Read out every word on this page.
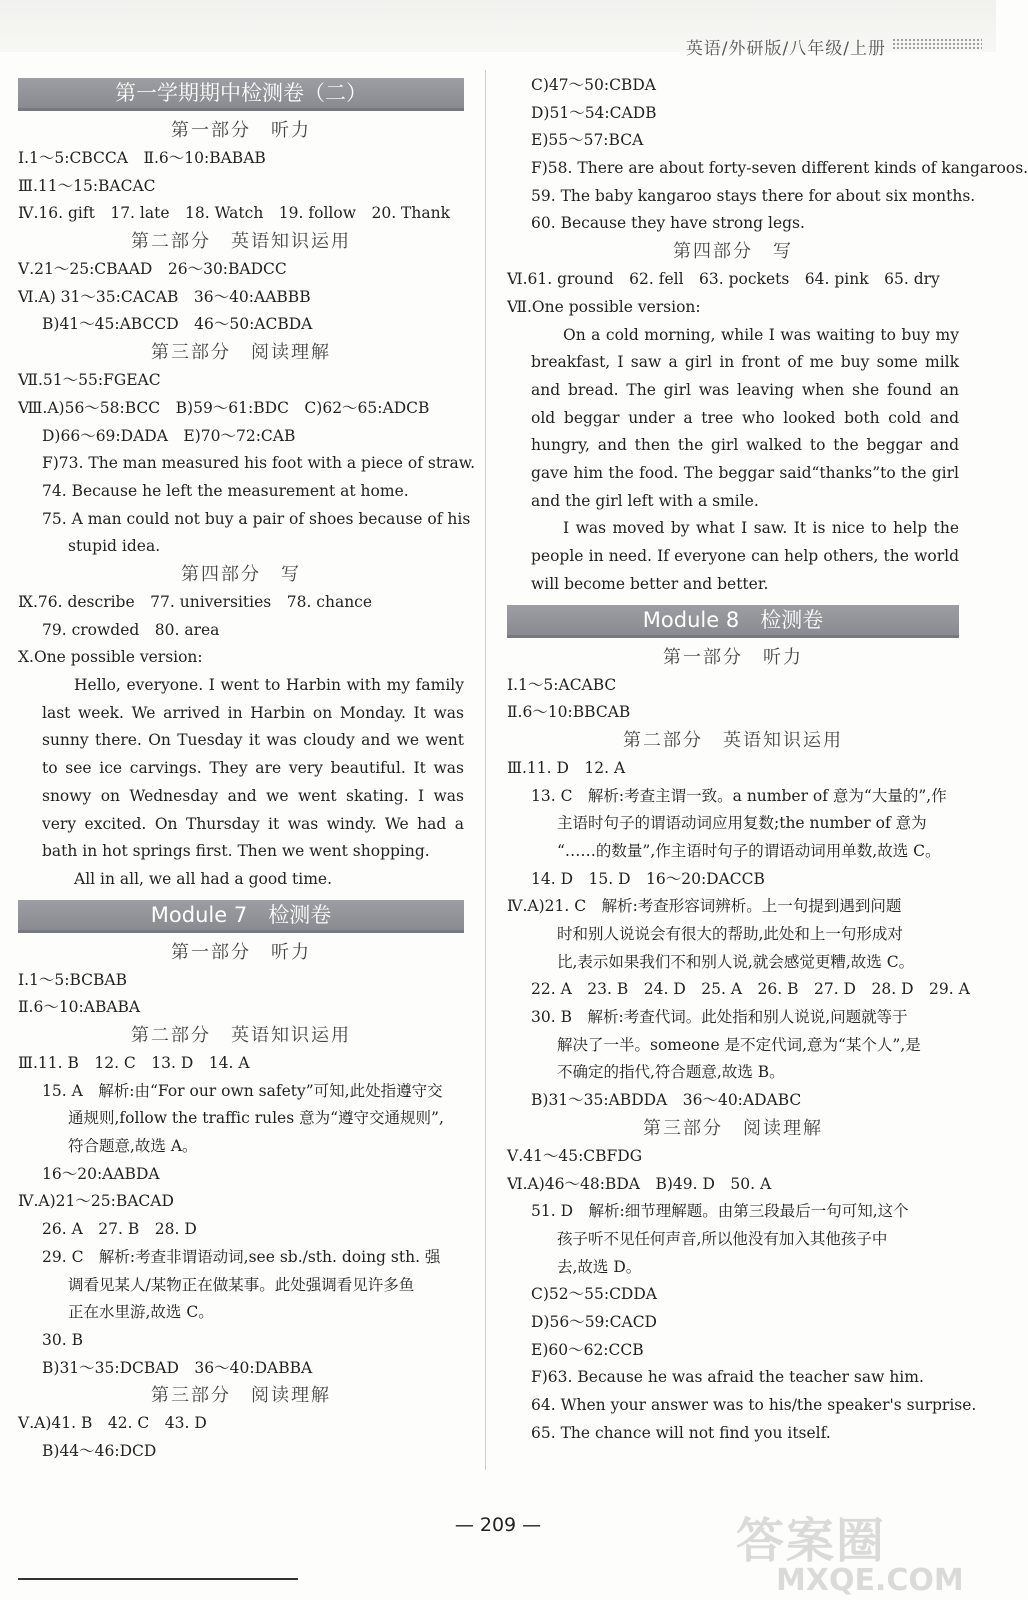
英语/外研版/八年级/上册
第一学期期中检测卷（二）
第一部分　听力
Ⅰ.1～5:CBCCA　Ⅱ.6～10:BABAB
Ⅲ.11～15:BACAC
Ⅳ.16. gift　17. late　18. Watch　19. follow　20. Thank
第二部分　英语知识运用
Ⅴ.21～25:CBAAD　26～30:BADCC
Ⅵ.A) 31～35:CACAB　36～40:AABBB
B)41～45:ABCCD　46～50:ACBDA
第三部分　阅读理解
Ⅶ.51～55:FGEAC
Ⅷ.A)56～58:BCC　B)59～61:BDC　C)62～65:ADCB
D)66～69:DADA　E)70～72:CAB
F)73. The man measured his foot with a piece of straw.
74. Because he left the measurement at home.
75. A man could not buy a pair of shoes because of his
stupid idea.
第四部分　写
Ⅸ.76. describe　77. universities　78. chance
79. crowded　80. area
Ⅹ.One possible version:
Hello, everyone. I went to Harbin with my family last week. We arrived in Harbin on Monday. It was sunny there. On Tuesday it was cloudy and we went to see ice carvings. They are very beautiful. It was snowy on Wednesday and we went skating. I was very excited. On Thursday it was windy. We had a bath in hot springs first. Then we went shopping.
All in all, we all had a good time.
Module 7　检测卷
第一部分　听力
Ⅰ.1～5:BCBAB
Ⅱ.6～10:ABABA
第二部分　英语知识运用
Ⅲ.11. B　12. C　13. D　14. A
15. A　解析:由“For our own safety”可知,此处指遵守交
通规则,follow the traffic rules 意为“遵守交通规则”,
符合题意,故选 A。
16～20:AABDA
Ⅳ.A)21～25:BACAD
26. A　27. B　28. D
29. C　解析:考查非谓语动词,see sb./sth. doing sth. 强
调看见某人/某物正在做某事。此处强调看见许多鱼
正在水里游,故选 C。
30. B
B)31～35:DCBAD　36～40:DABBA
第三部分　阅读理解
Ⅴ.A)41. B　42. C　43. D
B)44～46:DCD
C)47～50:CBDA
D)51～54:CADB
E)55～57:BCA
F)58. There are about forty-seven different kinds of kangaroos.
59. The baby kangaroo stays there for about six months.
60. Because they have strong legs.
第四部分　写
Ⅵ.61. ground　62. fell　63. pockets　64. pink　65. dry
Ⅶ.One possible version:
On a cold morning, while I was waiting to buy my breakfast, I saw a girl in front of me buy some milk and bread. The girl was leaving when she found an old beggar under a tree who looked both cold and hungry, and then the girl walked to the beggar and gave him the food. The beggar said“thanks”to the girl and the girl left with a smile.
I was moved by what I saw. It is nice to help the people in need. If everyone can help others, the world will become better and better.
Module 8　检测卷
第一部分　听力
Ⅰ.1～5:ACABC
Ⅱ.6～10:BBCAB
第二部分　英语知识运用
Ⅲ.11. D　12. A
13. C　解析:考查主谓一致。a number of 意为“大量的”,作
主语时句子的谓语动词应用复数;the number of 意为
“……的数量”,作主语时句子的谓语动词用单数,故选 C。
14. D　15. D　16～20:DACCB
Ⅳ.A)21. C　解析:考查形容词辨析。上一句提到遇到问题
时和别人说说会有很大的帮助,此处和上一句形成对
比,表示如果我们不和别人说,就会感觉更糟,故选 C。
22. A　23. B　24. D　25. A　26. B　27. D　28. D　29. A
30. B　解析:考查代词。此处指和别人说说,问题就等于
解决了一半。someone 是不定代词,意为“某个人”,是
不确定的指代,符合题意,故选 B。
B)31～35:ABDDA　36～40:ADABC
第三部分　阅读理解
Ⅴ.41～45:CBFDG
Ⅵ.A)46～48:BDA　B)49. D　50. A
51. D　解析:细节理解题。由第三段最后一句可知,这个
孩子听不见任何声音,所以他没有加入其他孩子中
去,故选 D。
C)52～55:CDDA
D)56～59:CACD
E)60～62:CCB
F)63. Because he was afraid the teacher saw him.
64. When your answer was to his/the speaker's surprise.
65. The chance will not find you itself.
— 209 —	答案圈
MXQE.COM
